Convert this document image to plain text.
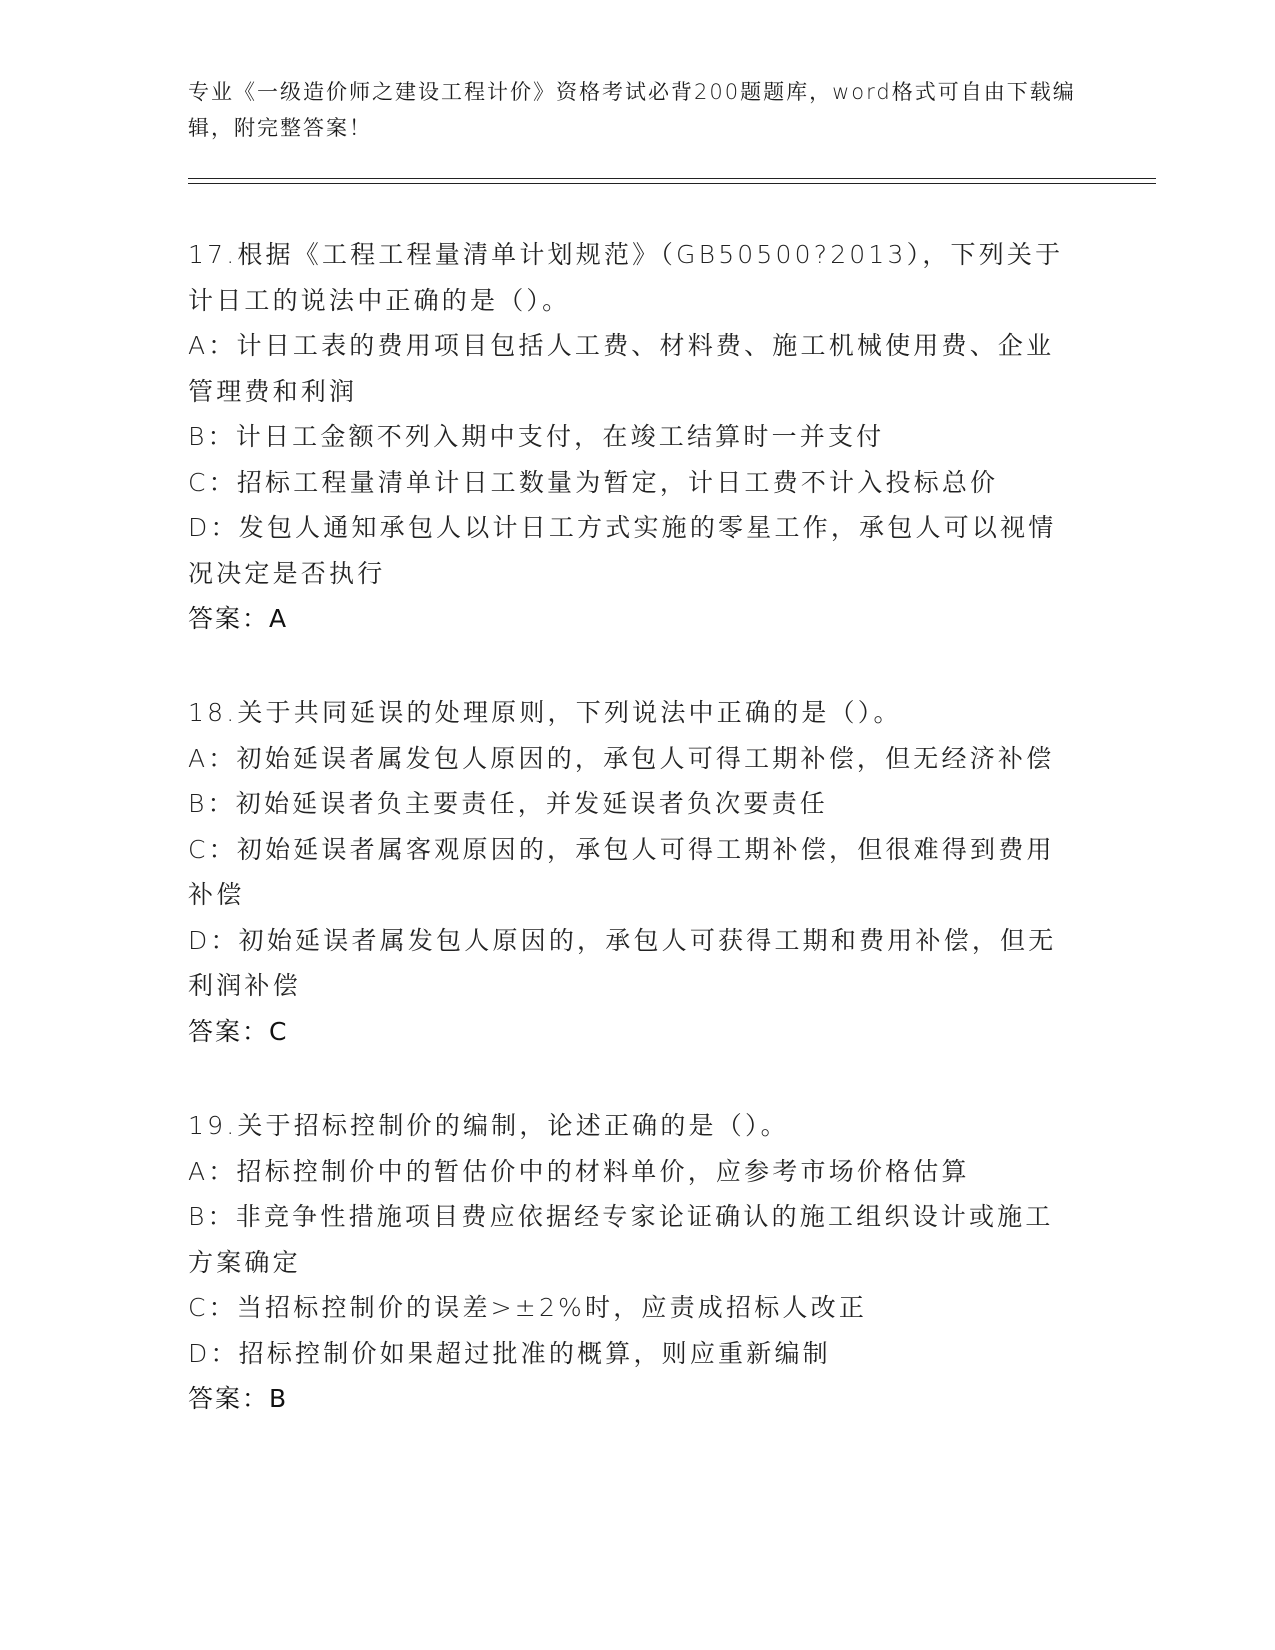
专业《一级造价师之建设工程计价》资格考试必背200题题库，word格式可自由下载编辑，附完整答案！
17.根据《工程工程量清单计划规范》（GB50500?2013），下列关于计日工的说法中正确的是（）。
A：计日工表的费用项目包括人工费、材料费、施工机械使用费、企业管理费和利润
B：计日工金额不列入期中支付，在竣工结算时一并支付
C：招标工程量清单计日工数量为暂定，计日工费不计入投标总价
D：发包人通知承包人以计日工方式实施的零星工作，承包人可以视情况决定是否执行
答案：A
18.关于共同延误的处理原则，下列说法中正确的是（）。
A：初始延误者属发包人原因的，承包人可得工期补偿，但无经济补偿
B：初始延误者负主要责任，并发延误者负次要责任
C：初始延误者属客观原因的，承包人可得工期补偿，但很难得到费用补偿
D：初始延误者属发包人原因的，承包人可获得工期和费用补偿，但无利润补偿
答案：C
19.关于招标控制价的编制，论述正确的是（）。
A：招标控制价中的暂估价中的材料单价，应参考市场价格估算
B：非竞争性措施项目费应依据经专家论证确认的施工组织设计或施工方案确定
C：当招标控制价的误差>±2%时，应责成招标人改正
D：招标控制价如果超过批准的概算，则应重新编制
答案：B
